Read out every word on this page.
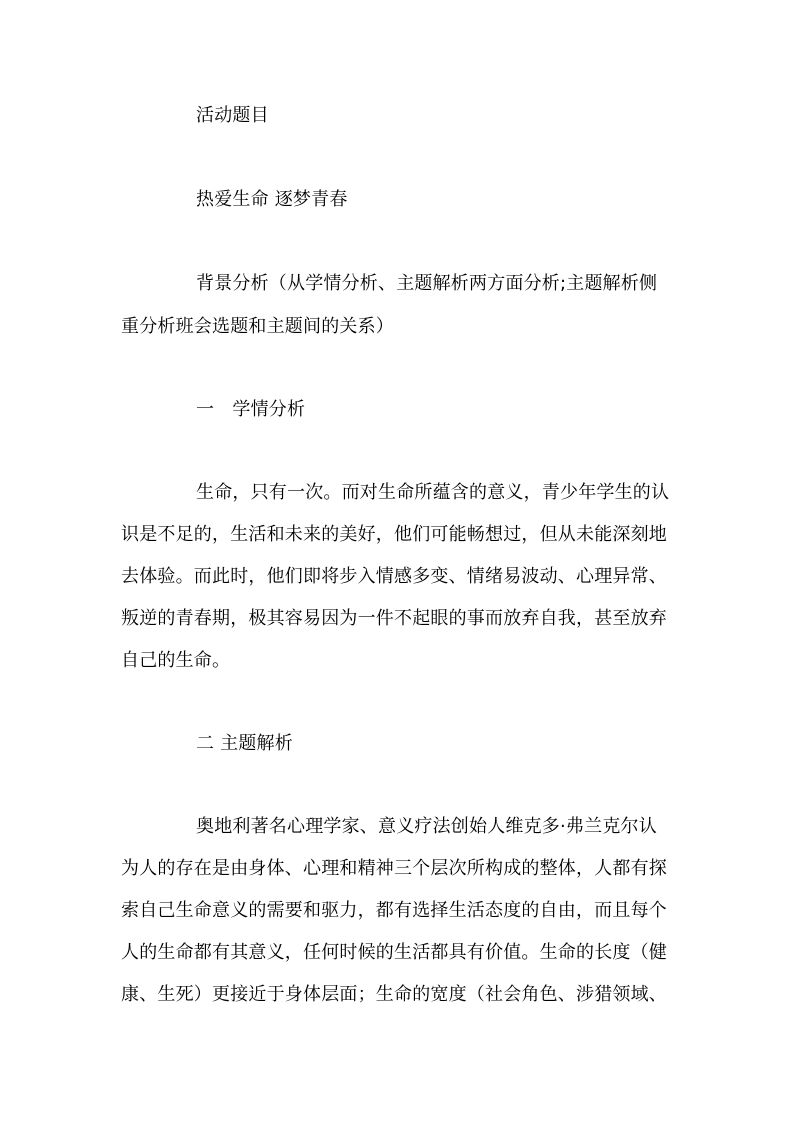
活动题目
热爱生命 逐梦青春
背景分析（从学情分析、主题解析两方面分析;主题解析侧
重分析班会选题和主题间的关系）
一　学情分析
生命，只有一次。而对生命所蕴含的意义，青少年学生的认
识是不足的，生活和未来的美好，他们可能畅想过，但从未能深刻地
去体验。而此时，他们即将步入情感多变、情绪易波动、心理异常、
叛逆的青春期，极其容易因为一件不起眼的事而放弃自我，甚至放弃
自己的生命。
二 主题解析
奥地利著名心理学家、意义疗法创始人维克多·弗兰克尔认
为人的存在是由身体、心理和精神三个层次所构成的整体，人都有探
索自己生命意义的需要和驱力，都有选择生活态度的自由，而且每个
人的生命都有其意义，任何时候的生活都具有价值。生命的长度（健
康、生死）更接近于身体层面；生命的宽度（社会角色、涉猎领域、
